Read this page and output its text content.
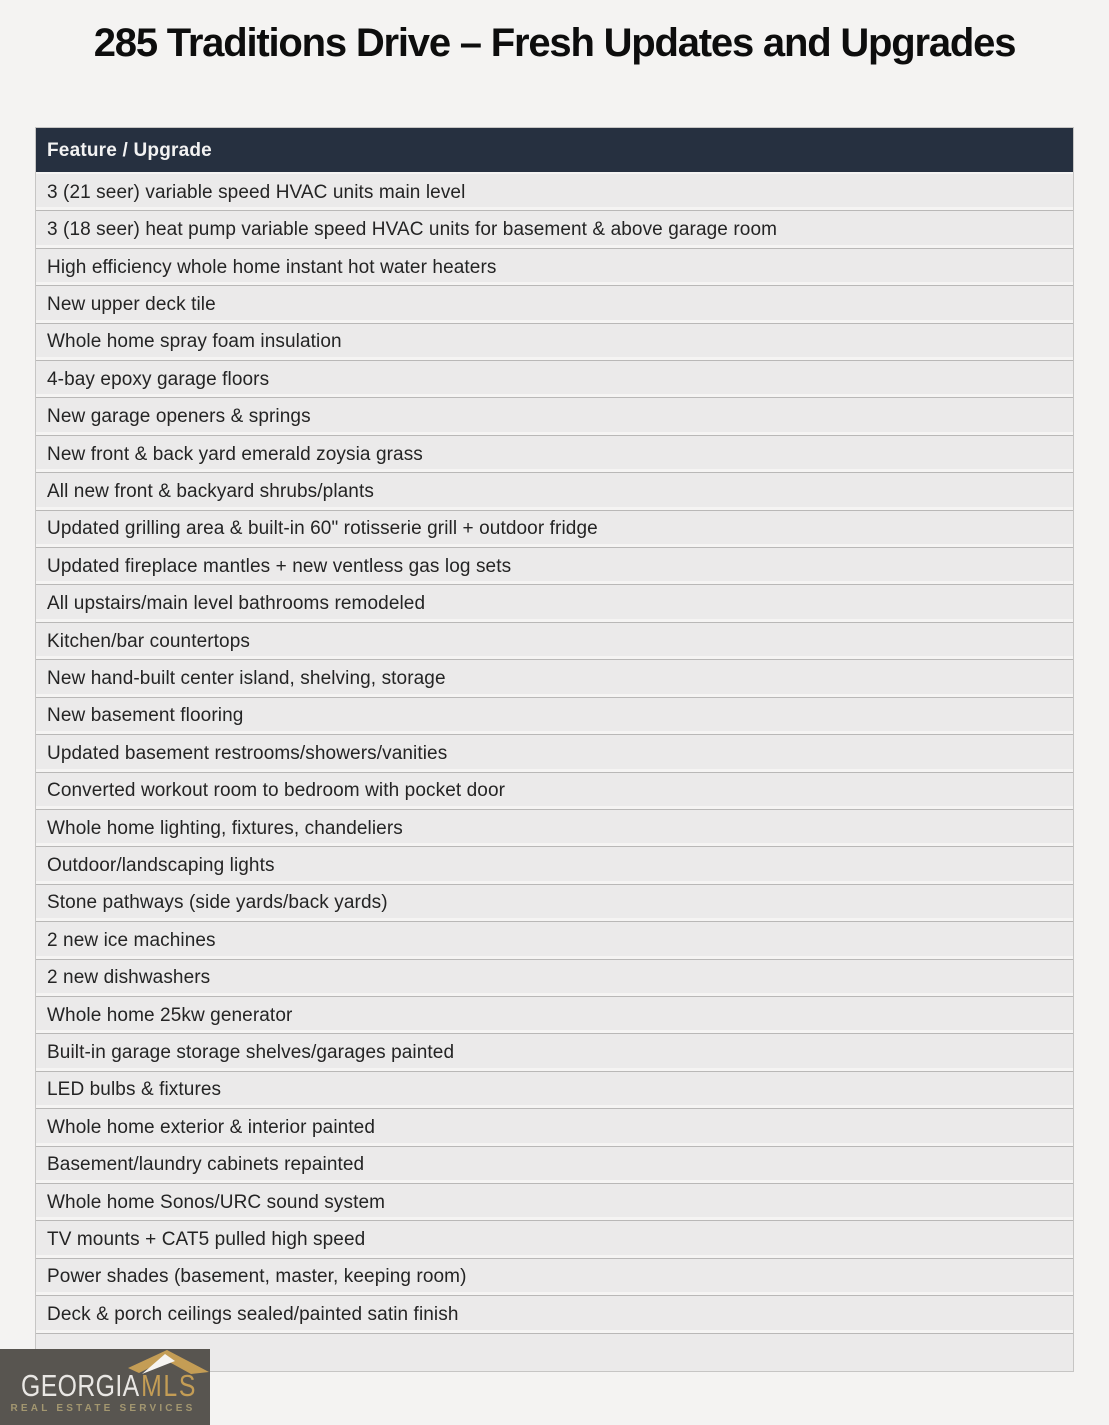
285 Traditions Drive – Fresh Updates and Upgrades
Feature / Upgrade
3 (21 seer) variable speed HVAC units main level
3 (18 seer) heat pump variable speed HVAC units for basement & above garage room
High efficiency whole home instant hot water heaters
New upper deck tile
Whole home spray foam insulation
4-bay epoxy garage floors
New garage openers & springs
New front & back yard emerald zoysia grass
All new front & backyard shrubs/plants
Updated grilling area & built-in 60" rotisserie grill + outdoor fridge
Updated fireplace mantles + new ventless gas log sets
All upstairs/main level bathrooms remodeled
Kitchen/bar countertops
New hand-built center island, shelving, storage
New basement flooring
Updated basement restrooms/showers/vanities
Converted workout room to bedroom with pocket door
Whole home lighting, fixtures, chandeliers
Outdoor/landscaping lights
Stone pathways (side yards/back yards)
2 new ice machines
2 new dishwashers
Whole home 25kw generator
Built-in garage storage shelves/garages painted
LED bulbs & fixtures
Whole home exterior & interior painted
Basement/laundry cabinets repainted
Whole home Sonos/URC sound system
TV mounts + CAT5 pulled high speed
Power shades (basement, master, keeping room)
Deck & porch ceilings sealed/painted satin finish
GEORGIA MLS
REAL ESTATE SERVICES
